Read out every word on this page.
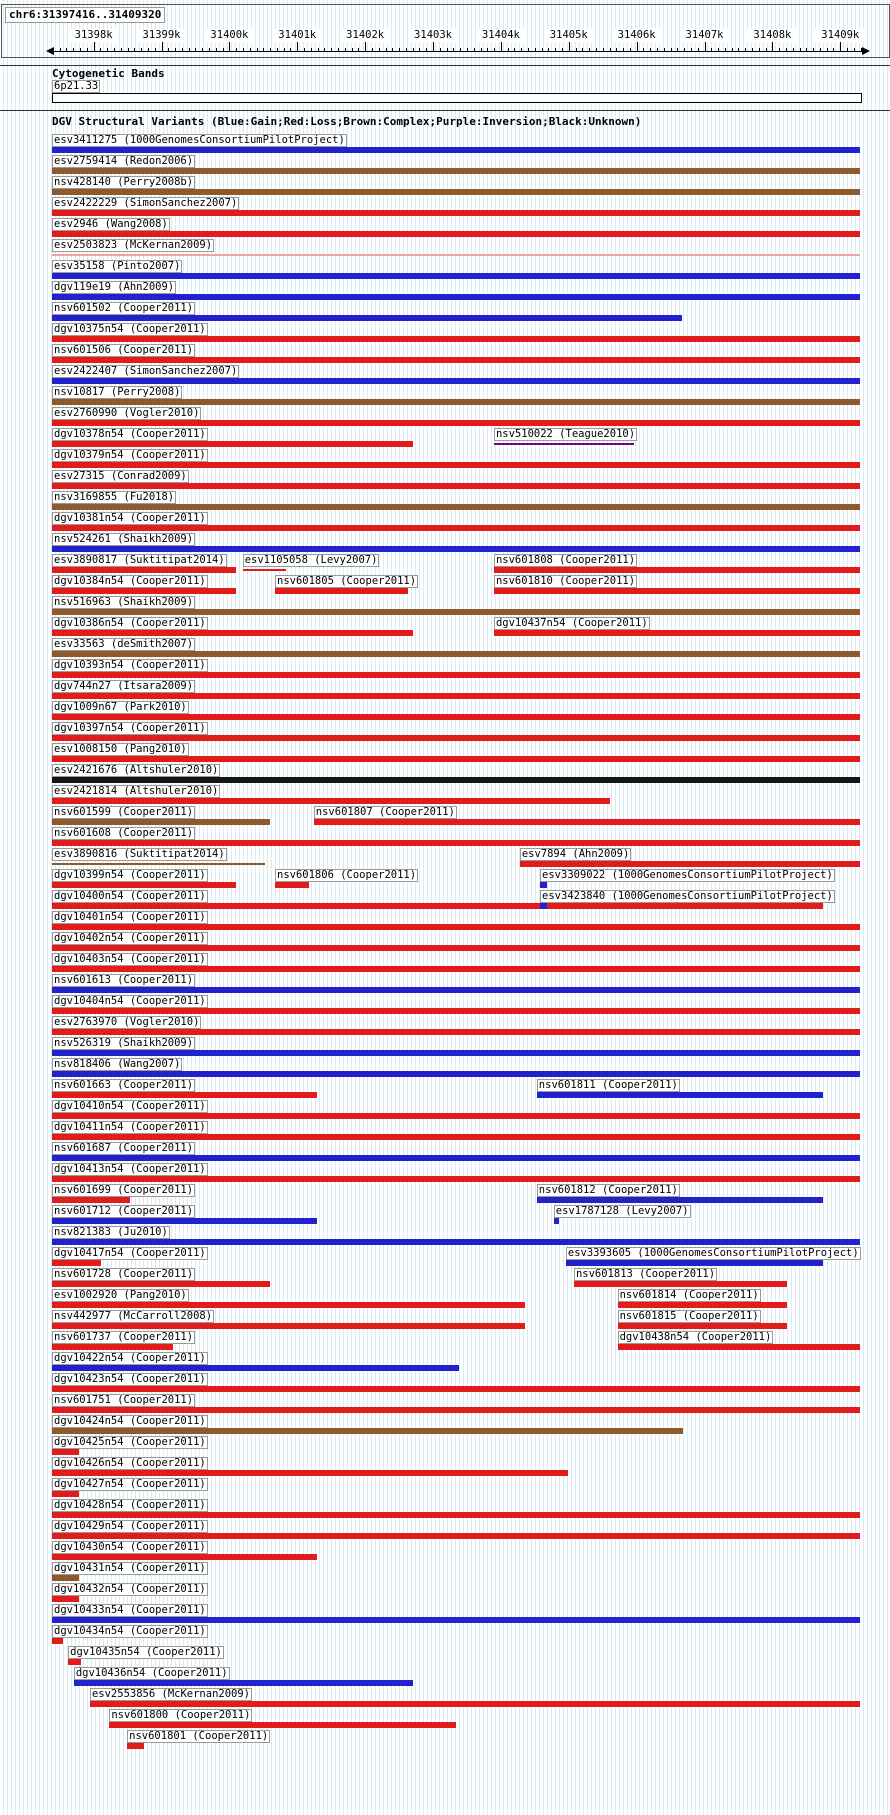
chr6:31397416..31409320
31398k	31399k	31400k	31401k	31402k	31403k	31404k	31405k	31406k	31407k	31408k	31409k
Cytogenetic Bands
6p21.33
DGV Structural Variants (Blue:Gain;Red:Loss;Brown:Complex;Purple:Inversion;Black:Unknown)
esv3411275 (1000GenomesConsortiumPilotProject)
esv2759414 (Redon2006)
nsv428140 (Perry2008b)
esv2422229 (SimonSanchez2007)
esv2946 (Wang2008)
esv2503823 (McKernan2009)
esv35158 (Pinto2007)
dgv119e19 (Ahn2009)
nsv601502 (Cooper2011)
dgv10375n54 (Cooper2011)
nsv601506 (Cooper2011)
esv2422407 (SimonSanchez2007)
nsv10817 (Perry2008)
esv2760990 (Vogler2010)
dgv10378n54 (Cooper2011)	nsv510022 (Teague2010)
dgv10379n54 (Cooper2011)
esv27315 (Conrad2009)
nsv3169855 (Fu2018)
dgv10381n54 (Cooper2011)
nsv524261 (Shaikh2009)
esv3890817 (Suktitipat2014) esv1105058 (Levy2007)	nsv601808 (Cooper2011)
dgv10384n54 (Cooper2011)	nsv601805 (Cooper2011)	nsv601810 (Cooper2011)
nsv516963 (Shaikh2009)
dgv10386n54 (Cooper2011)	dgv10437n54 (Cooper2011)
esv33563 (deSmith2007)
dgv10393n54 (Cooper2011)
dgv744n27 (Itsara2009)
dgv1009n67 (Park2010)
dgv10397n54 (Cooper2011)
esv1008150 (Pang2010)
esv2421676 (Altshuler2010)
esv2421814 (Altshuler2010)
nsv601599 (Cooper2011)	nsv601807 (Cooper2011)
nsv601608 (Cooper2011)
esv3890816 (Suktitipat2014)	esv7894 (Ahn2009)
dgv10399n54 (Cooper2011)	nsv601806 (Cooper2011)	esv3309022 (1000GenomesConsortiumPilotProject)
dgv10400n54 (Cooper2011)	esv3423840 (1000GenomesConsortiumPilotProject)
dgv10401n54 (Cooper2011)
dgv10402n54 (Cooper2011)
dgv10403n54 (Cooper2011)
nsv601613 (Cooper2011)
dgv10404n54 (Cooper2011)
esv2763970 (Vogler2010)
nsv526319 (Shaikh2009)
nsv818406 (Wang2007)
nsv601663 (Cooper2011)	nsv601811 (Cooper2011)
dgv10410n54 (Cooper2011)
dgv10411n54 (Cooper2011)
nsv601687 (Cooper2011)
dgv10413n54 (Cooper2011)
nsv601699 (Cooper2011)	nsv601812 (Cooper2011)
nsv601712 (Cooper2011)	esv1787128 (Levy2007)
nsv821383 (Ju2010)
dgv10417n54 (Cooper2011)	esv3393605 (1000GenomesConsortiumPilotProject)
nsv601728 (Cooper2011)	nsv601813 (Cooper2011)
esv1002920 (Pang2010)	nsv601814 (Cooper2011)
nsv442977 (McCarroll2008)	nsv601815 (Cooper2011)
nsv601737 (Cooper2011)	dgv10438n54 (Cooper2011)
dgv10422n54 (Cooper2011)
dgv10423n54 (Cooper2011)
nsv601751 (Cooper2011)
dgv10424n54 (Cooper2011)
dgv10425n54 (Cooper2011)
dgv10426n54 (Cooper2011)
dgv10427n54 (Cooper2011)
dgv10428n54 (Cooper2011)
dgv10429n54 (Cooper2011)
dgv10430n54 (Cooper2011)
dgv10431n54 (Cooper2011)
dgv10432n54 (Cooper2011)
dgv10433n54 (Cooper2011)
dgv10434n54 (Cooper2011)
dgv10435n54 (Cooper2011)
dgv10436n54 (Cooper2011)
esv2553856 (McKernan2009)
nsv601800 (Cooper2011)
nsv601801 (Cooper2011)
